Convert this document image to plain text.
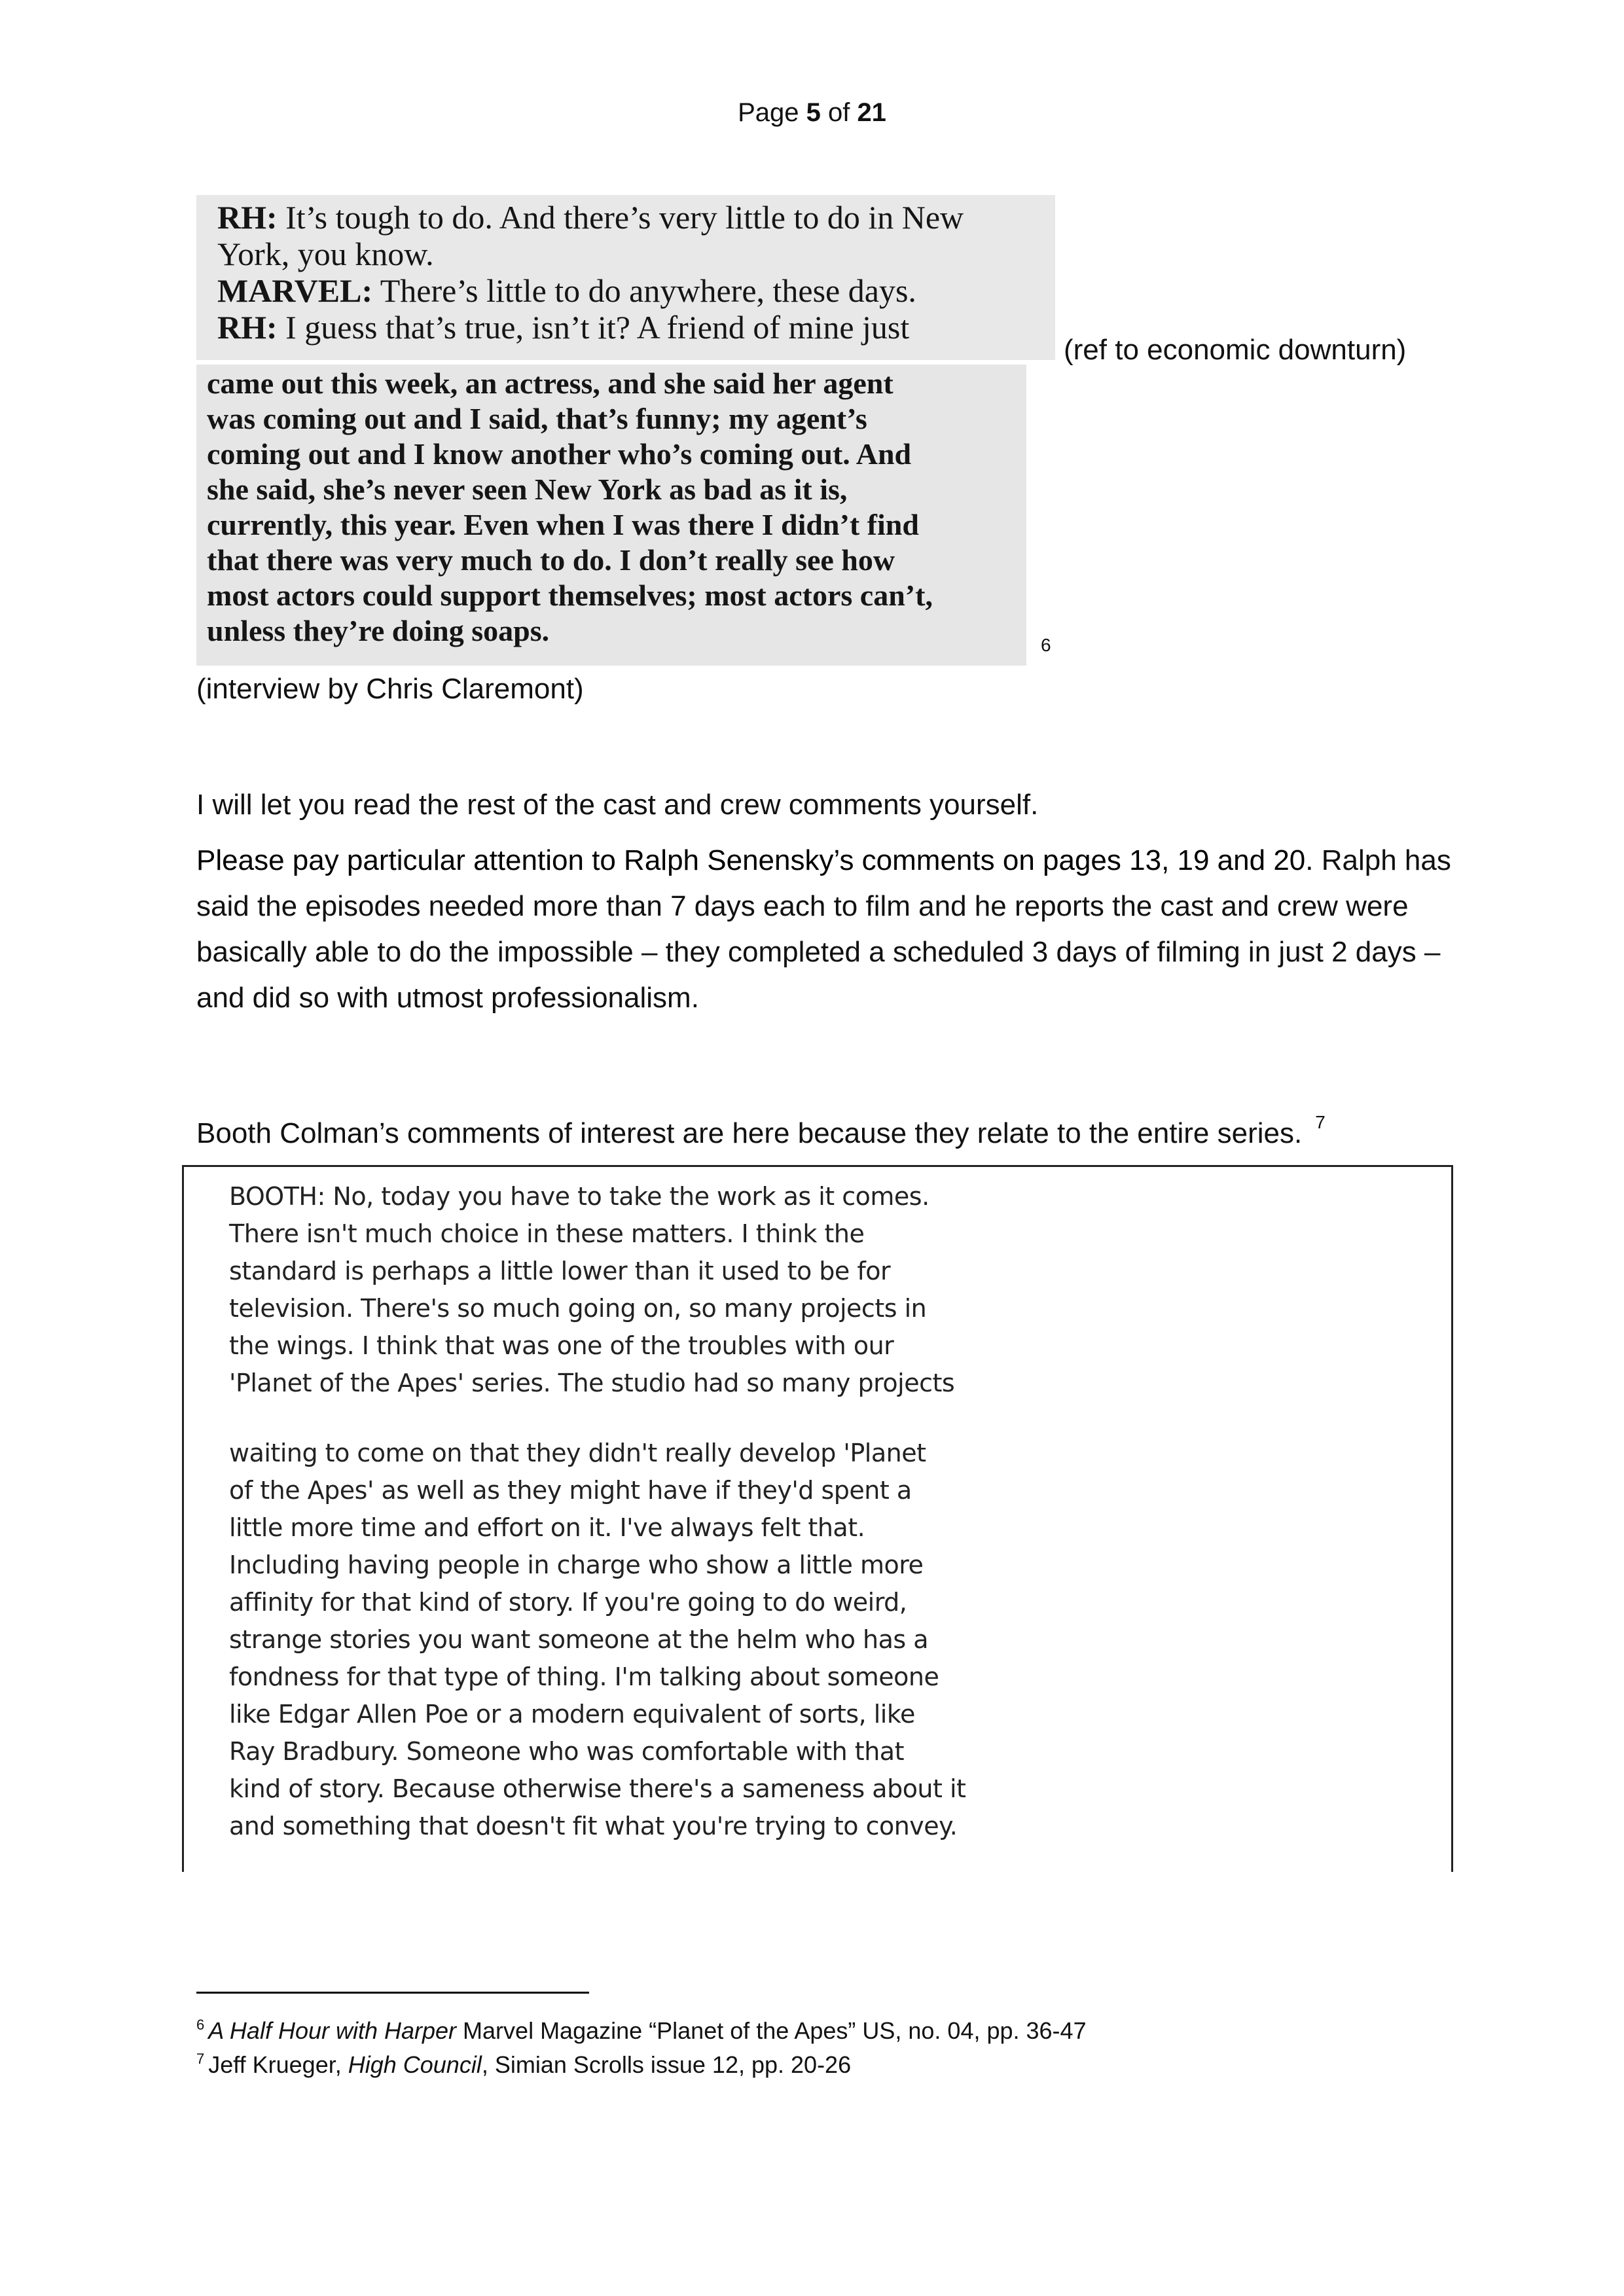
Page 5 of 21
RH: It’s tough to do. And there’s very little to do in New
York, you know.
MARVEL: There’s little to do anywhere, these days.
RH: I guess that’s true, isn’t it? A friend of mine just
(ref to economic downturn)
came out this week, an actress, and she said her agent
was coming out and I said, that’s funny; my agent’s
coming out and I know another who’s coming out. And
she said, she’s never seen New York as bad as it is,
currently, this year. Even when I was there I didn’t find
that there was very much to do. I don’t really see how
most actors could support themselves; most actors can’t,
unless they’re doing soaps.	6
(interview by Chris Claremont)
I will let you read the rest of the cast and crew comments yourself.
Please pay particular attention to Ralph Senensky’s comments on pages 13, 19 and 20. Ralph has said the episodes needed more than 7 days each to film and he reports the cast and crew were basically able to do the impossible – they completed a scheduled 3 days of filming in just 2 days – and did so with utmost professionalism.
Booth Colman’s comments of interest are here because they relate to the entire series. $^7$
BOOTH: No, today you have to take the work as it comes.
There isn't much choice in these matters. I think the
standard is perhaps a little lower than it used to be for
television. There's so much going on, so many projects in
the wings. I think that was one of the troubles with our
'Planet of the Apes' series. The studio had so many projects
waiting to come on that they didn't really develop 'Planet
of the Apes' as well as they might have if they'd spent a
little more time and effort on it. I've always felt that.
Including having people in charge who show a little more
affinity for that kind of story. If you're going to do weird,
strange stories you want someone at the helm who has a
fondness for that type of thing. I'm talking about someone
like Edgar Allen Poe or a modern equivalent of sorts, like
Ray Bradbury. Someone who was comfortable with that
kind of story. Because otherwise there's a sameness about it
and something that doesn't fit what you're trying to convey.
$^6$ A Half Hour with Harper Marvel Magazine “Planet of the Apes” US, no. 04, pp. 36-47
$^7$ Jeff Krueger, High Council, Simian Scrolls issue 12, pp. 20-26
